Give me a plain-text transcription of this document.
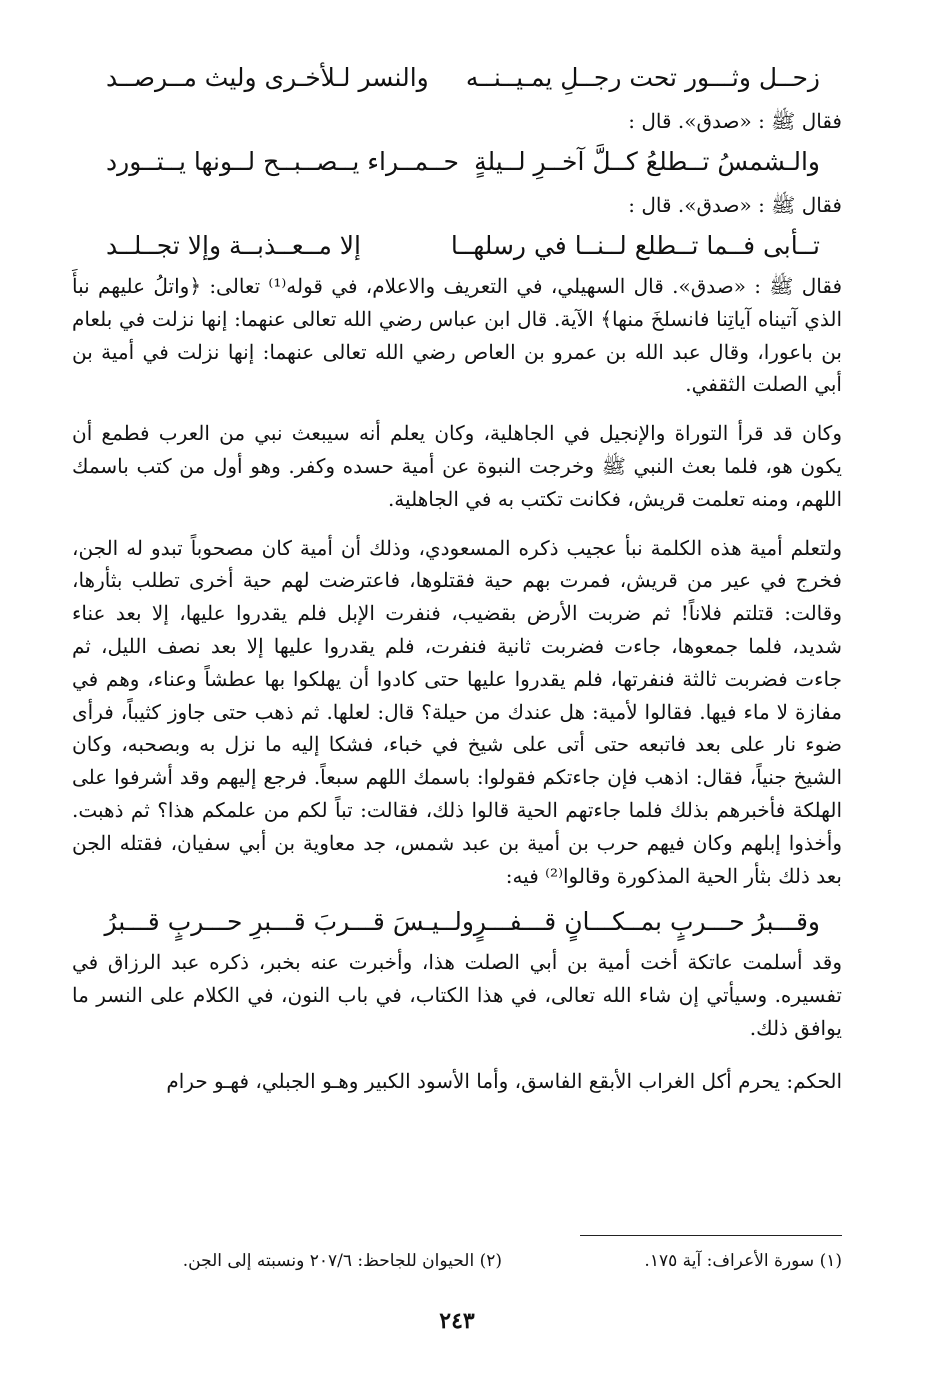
زحــل وثـــور تحت رجــلِ يمـيــنــه
والنسر لـلأخـرى وليث مــرصــد
فقال ﷺ : «صدق». قال :
والـشمسُ تــطلعُ كــلَّ آخــرِ لــيلةٍ
حــمــراء يــصــبــح لــونها يــتــورد
فقال ﷺ : «صدق». قال :
تــأبى فــما تــطلع لــنــا في رسلهــا
إلا مــعــذبــة وإلا تجــلــد

فقال ﷺ : «صدق». قال السهيلي، في التعريف والاعلام، في قوله⁽¹⁾ تعالى: ﴿واتلُ عليهم نبأَ الذي آتيناه آياتِنا فانسلخَ منها﴾ الآية. قال ابن عباس رضي الله تعالى عنهما: إنها نزلت في بلعام بن باعورا، وقال عبد الله بن عمرو بن العاص رضي الله تعالى عنهما: إنها نزلت في أمية بن أبي الصلت الثقفي.

وكان قد قرأ التوراة والإنجيل في الجاهلية، وكان يعلم أنه سيبعث نبي من العرب فطمع أن يكون هو، فلما بعث النبي ﷺ وخرجت النبوة عن أمية حسده وكفر. وهو أول من كتب باسمك اللهم، ومنه تعلمت قريش، فكانت تكتب به في الجاهلية.

ولتعلم أمية هذه الكلمة نبأ عجيب ذكره المسعودي، وذلك أن أمية كان مصحوباً تبدو له الجن، فخرج في عير من قريش، فمرت بهم حية فقتلوها، فاعترضت لهم حية أخرى تطلب بثأرها، وقالت: قتلتم فلاناً! ثم ضربت الأرض بقضيب، فنفرت الإبل فلم يقدروا عليها، إلا بعد عناء شديد، فلما جمعوها، جاءت فضربت ثانية فنفرت، فلم يقدروا عليها إلا بعد نصف الليل، ثم جاءت فضربت ثالثة فنفرتها، فلم يقدروا عليها حتى كادوا أن يهلكوا بها عطشاً وعناء، وهم في مفازة لا ماء فيها. فقالوا لأمية: هل عندك من حيلة؟ قال: لعلها. ثم ذهب حتى جاوز كثيباً، فرأى ضوء نار على بعد فاتبعه حتى أتى على شيخ في خباء، فشكا إليه ما نزل به وبصحبه، وكان الشيخ جنياً، فقال: اذهب فإن جاءتكم فقولوا: باسمك اللهم سبعاً. فرجع إليهم وقد أشرفوا على الهلكة فأخبرهم بذلك فلما جاءتهم الحية قالوا ذلك، فقالت: تباً لكم من علمكم هذا؟ ثم ذهبت. وأخذوا إبلهم وكان فيهم حرب بن أمية بن عبد شمس، جد معاوية بن أبي سفيان، فقتله الجن بعد ذلك بثأر الحية المذكورة وقالوا⁽²⁾ فيه:

وقـــبرُ حـــربٍ بمــكـــانٍ قـــفـــرٍ
ولــيـسَ قـــربَ قـــبرِ حـــربٍ قـــبرُ

وقد أسلمت عاتكة أخت أمية بن أبي الصلت هذا، وأخبرت عنه بخبر، ذكره عبد الرزاق في تفسيره. وسيأتي إن شاء الله تعالى، في هذا الكتاب، في باب النون، في الكلام على النسر ما يوافق ذلك.

الحكم: يحرم أكل الغراب الأبقع الفاسق، وأما الأسود الكبير وهـو الجبلي، فهـو حرام

(١) سورة الأعراف: آية ١٧٥.
(٢) الحيوان للجاحظ: ٢٠٧/٦ ونسبته إلى الجن.
٢٤٣
